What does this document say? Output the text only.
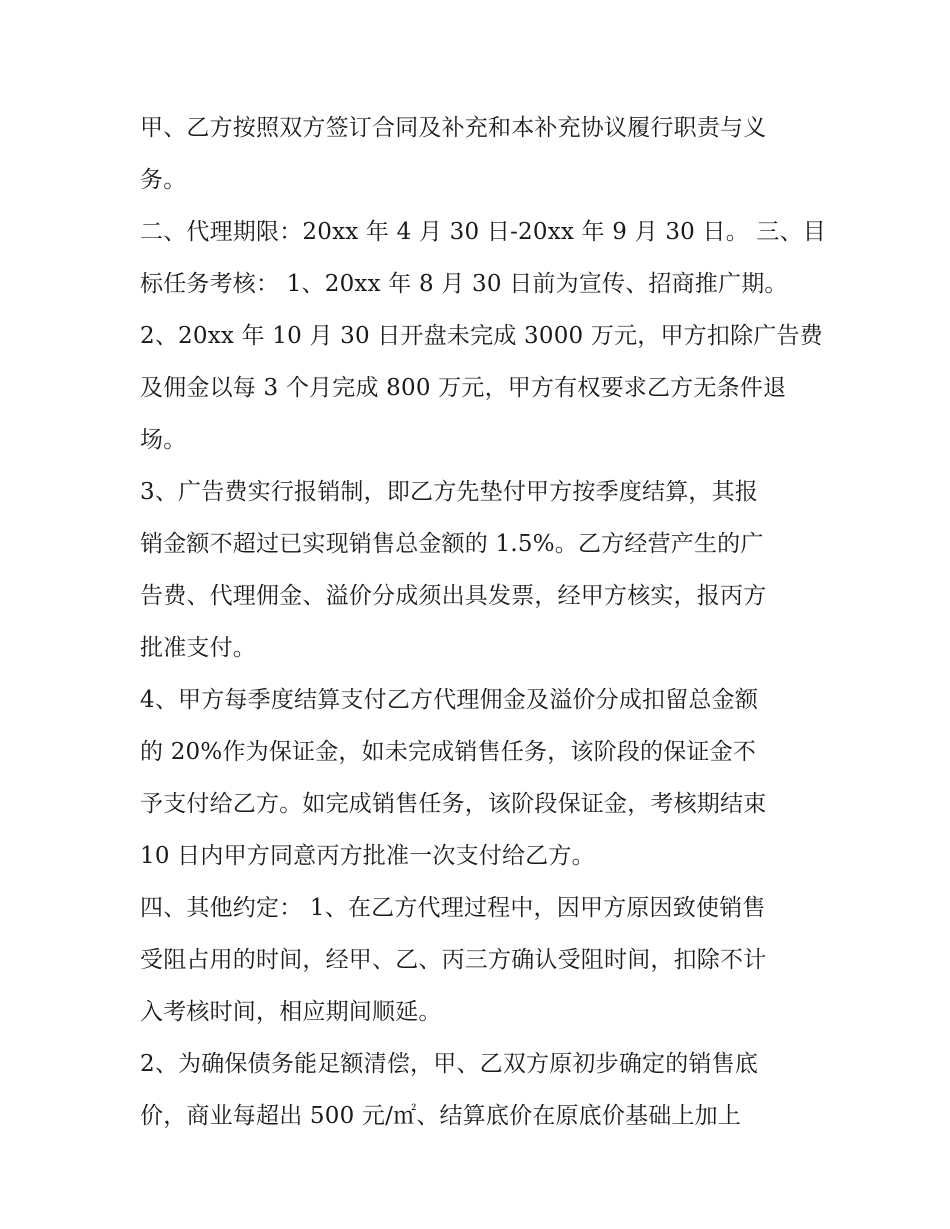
甲、乙方按照双方签订合同及补充和本补充协议履行职责与义
务。
二、代理期限：20xx 年 4 月 30 日-20xx 年 9 月 30 日。 三、目
标任务考核： 1、20xx 年 8 月 30 日前为宣传、招商推广期。
2、20xx 年 10 月 30 日开盘未完成 3000 万元，甲方扣除广告费
及佣金以每 3 个月完成 800 万元，甲方有权要求乙方无条件退
场。
3、广告费实行报销制，即乙方先垫付甲方按季度结算，其报
销金额不超过已实现销售总金额的 1.5%。乙方经营产生的广
告费、代理佣金、溢价分成须出具发票，经甲方核实，报丙方
批准支付。
4、甲方每季度结算支付乙方代理佣金及溢价分成扣留总金额
的 20%作为保证金，如未完成销售任务，该阶段的保证金不
予支付给乙方。如完成销售任务，该阶段保证金，考核期结束
10 日内甲方同意丙方批准一次支付给乙方。
四、其他约定： 1、在乙方代理过程中，因甲方原因致使销售
受阻占用的时间，经甲、乙、丙三方确认受阻时间，扣除不计
入考核时间，相应期间顺延。
2、为确保债务能足额清偿，甲、乙双方原初步确定的销售底
价，商业每超出 500 元/㎡、结算底价在原底价基础上加上
